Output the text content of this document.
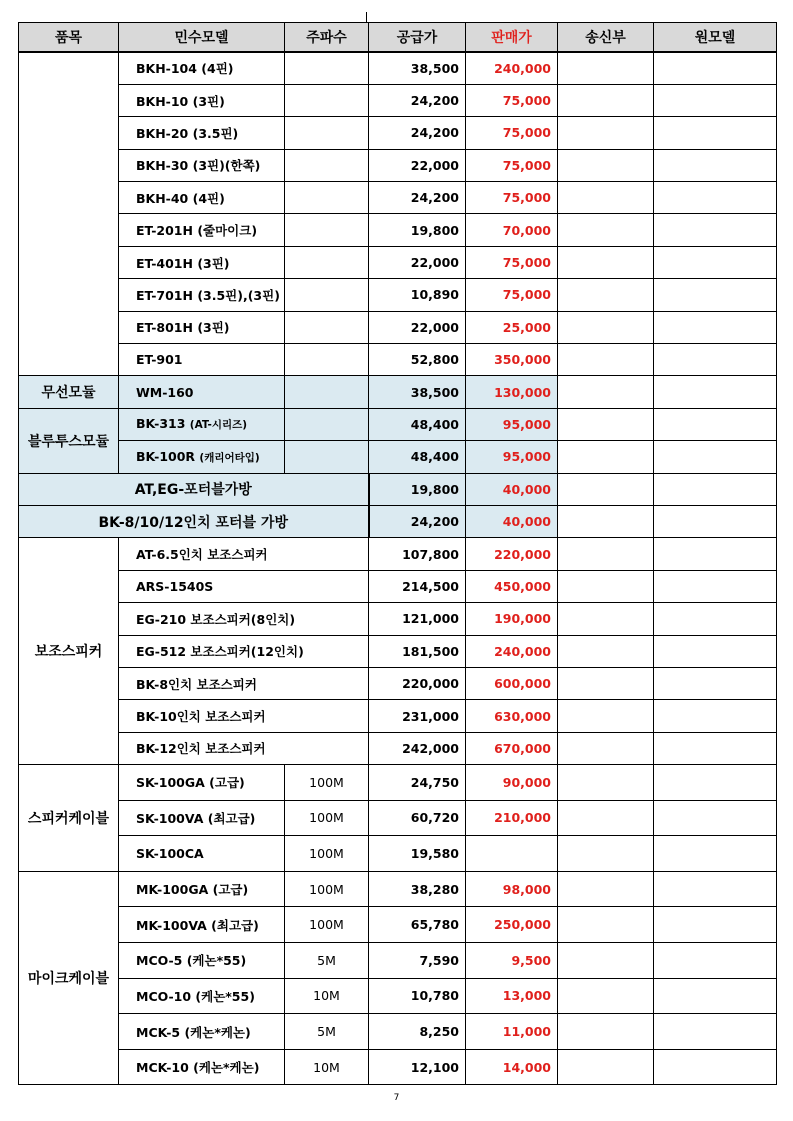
품목	민수모델	주파수	공급가	판매가	송신부	원모델
	BKH-104 (4핀)		38,500	240,000		
	BKH-10 (3핀)		24,200	75,000		
	BKH-20 (3.5핀)		24,200	75,000		
	BKH-30 (3핀)(한쪽)		22,000	75,000		
	BKH-40 (4핀)		24,200	75,000		
	ET-201H (줄마이크)		19,800	70,000		
	ET-401H (3핀)		22,000	75,000		
	ET-701H (3.5핀),(3핀)		10,890	75,000		
	ET-801H (3핀)		22,000	25,000		
	ET-901		52,800	350,000		
무선모듈	WM-160		38,500	130,000		
블루투스모듈	BK-313 (AT-시리즈)		48,400	95,000		
	BK-100R (캐리어타입)		48,400	95,000		
AT,EG-포터블가방			19,800	40,000		
BK-8/10/12인치 포터블 가방			24,200	40,000		
보조스피커	AT-6.5인치 보조스피커		107,800	220,000		
	ARS-1540S		214,500	450,000		
	EG-210 보조스피커(8인치)		121,000	190,000		
	EG-512 보조스피커(12인치)		181,500	240,000		
	BK-8인치 보조스피커		220,000	600,000		
	BK-10인치 보조스피커		231,000	630,000		
	BK-12인치 보조스피커		242,000	670,000		
스피커케이블	SK-100GA (고급)	100M	24,750	90,000		
	SK-100VA (최고급)	100M	60,720	210,000		
	SK-100CA	100M	19,580			
마이크케이블	MK-100GA (고급)	100M	38,280	98,000		
	MK-100VA (최고급)	100M	65,780	250,000		
	MCO-5 (케논*55)	5M	7,590	9,500		
	MCO-10 (케논*55)	10M	10,780	13,000		
	MCK-5 (케논*케논)	5M	8,250	11,000		
	MCK-10 (케논*케논)	10M	12,100	14,000		
7
